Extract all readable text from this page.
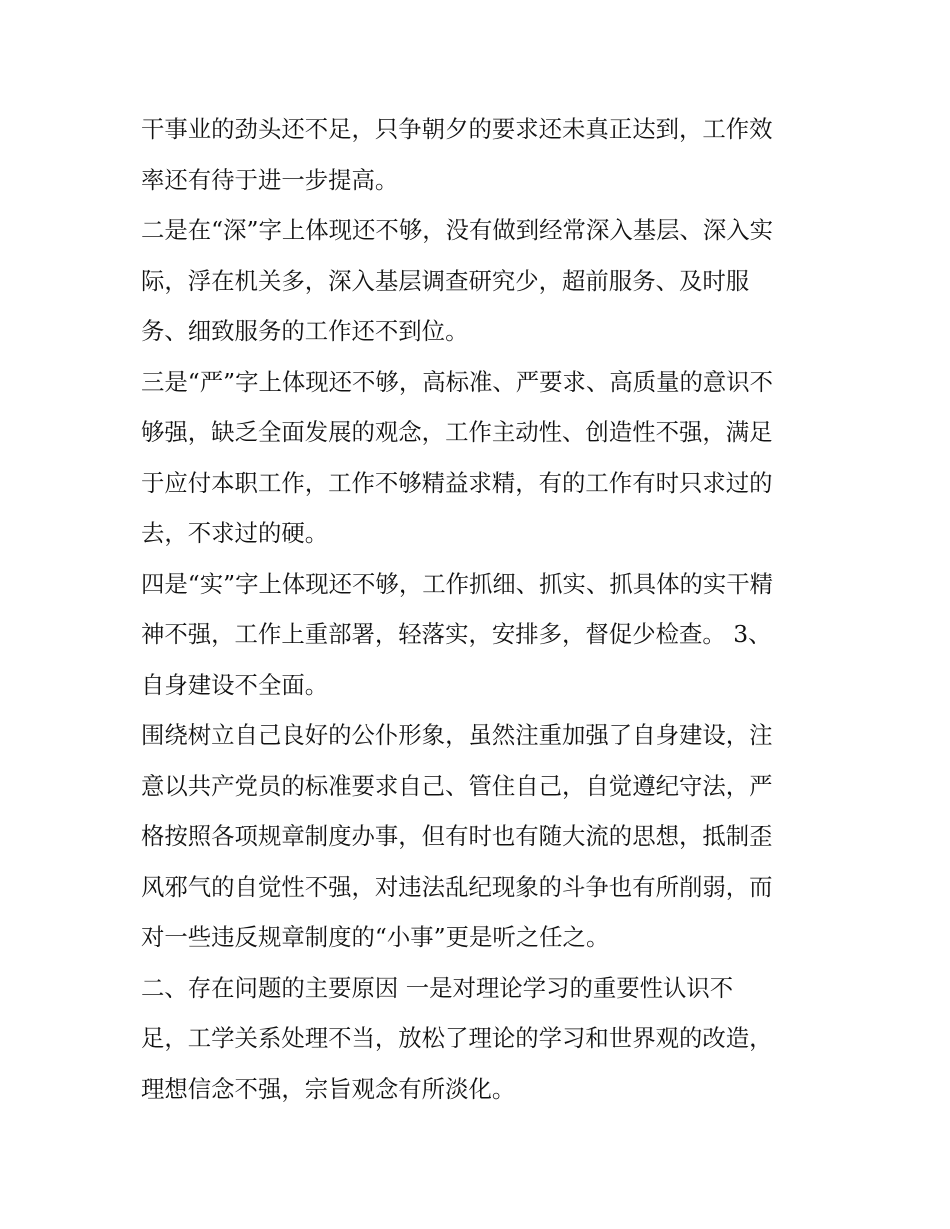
干事业的劲头还不足，只争朝夕的要求还未真正达到，工作效
率还有待于进一步提高。
二是在“深”字上体现还不够，没有做到经常深入基层、深入实
际，浮在机关多，深入基层调查研究少，超前服务、及时服
务、细致服务的工作还不到位。
三是“严”字上体现还不够，高标准、严要求、高质量的意识不
够强，缺乏全面发展的观念，工作主动性、创造性不强，满足
于应付本职工作，工作不够精益求精，有的工作有时只求过的
去，不求过的硬。
四是“实”字上体现还不够，工作抓细、抓实、抓具体的实干精
神不强，工作上重部署，轻落实，安排多，督促少检查。 3、
自身建设不全面。
围绕树立自己良好的公仆形象，虽然注重加强了自身建设，注
意以共产党员的标准要求自己、管住自己，自觉遵纪守法，严
格按照各项规章制度办事，但有时也有随大流的思想，抵制歪
风邪气的自觉性不强，对违法乱纪现象的斗争也有所削弱，而
对一些违反规章制度的“小事”更是听之任之。
二、存在问题的主要原因 一是对理论学习的重要性认识不
足，工学关系处理不当，放松了理论的学习和世界观的改造，
理想信念不强，宗旨观念有所淡化。
